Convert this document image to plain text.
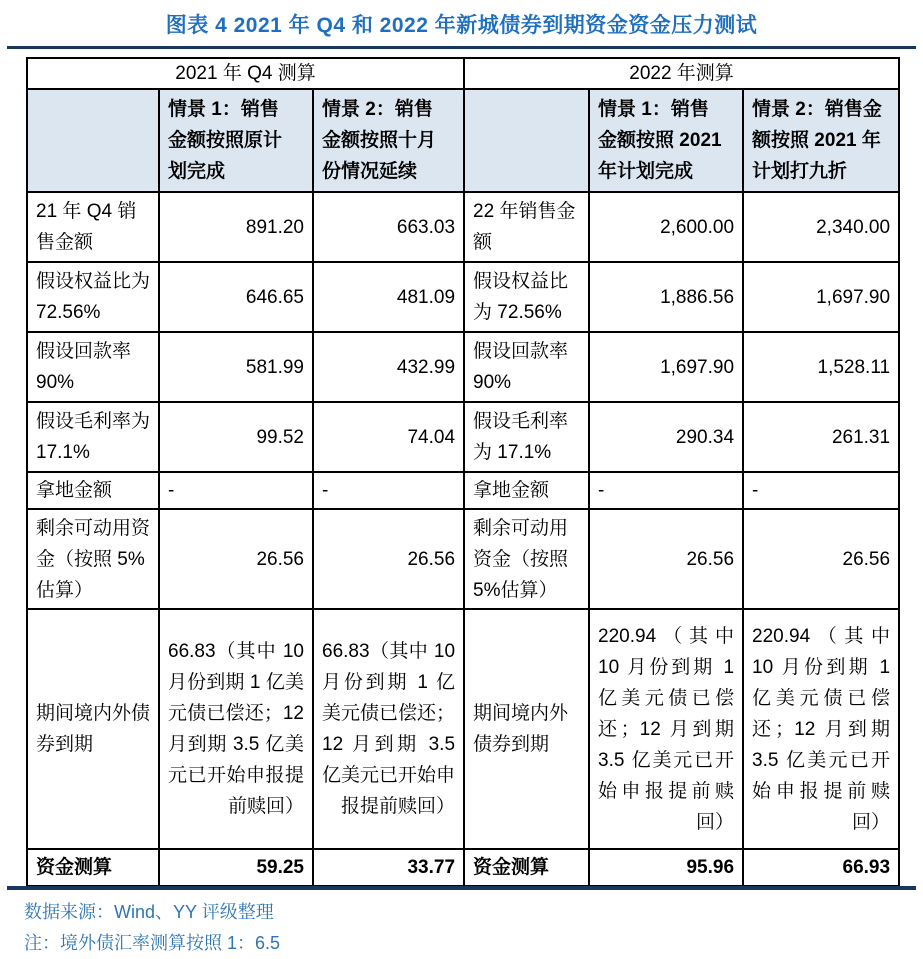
图表 4 2021 年 Q4 和 2022 年新城债券到期资金资金压力测试
2021 年 Q4 测算			2022 年测算		
	情景 1：销售金额按照原计划完成	情景 2：销售金额按照十月份情况延续		情景 1：销售金额按照 2021 年计划完成	情景 2：销售金额按照 2021 年计划打九折
21 年 Q4 销售金额	891.20	663.03	22 年销售金额	2,600.00	2,340.00
假设权益比为 72.56%	646.65	481.09	假设权益比为 72.56%	1,886.56	1,697.90
假设回款率 90%	581.99	432.99	假设回款率 90%	1,697.90	1,528.11
假设毛利率为 17.1%	99.52	74.04	假设毛利率为 17.1%	290.34	261.31
拿地金额	-	-	拿地金额	-	-
剩余可动用资金（按照 5%估算）	26.56	26.56	剩余可动用资金（按照 5%估算）	26.56	26.56
期间境内外债券到期	66.83（其中 10 月份到期 1 亿美元债已偿还；12 月到期 3.5 亿美元已开始申报提前赎回）	66.83（其中 10 月份到期 1 亿美元债已偿还；12 月到期 3.5 亿美元已开始申报提前赎回）	期间境内外债券到期	220.94（其中 10 月份到期 1 亿美元债已偿还；12 月到期 3.5 亿美元已开始申报提前赎回）	220.94（其中 10 月份到期 1 亿美元债已偿还；12 月到期 3.5 亿美元已开始申报提前赎回）
资金测算	59.25	33.77	资金测算	95.96	66.93
数据来源：Wind、YY 评级整理
注：境外债汇率测算按照 1：6.5
